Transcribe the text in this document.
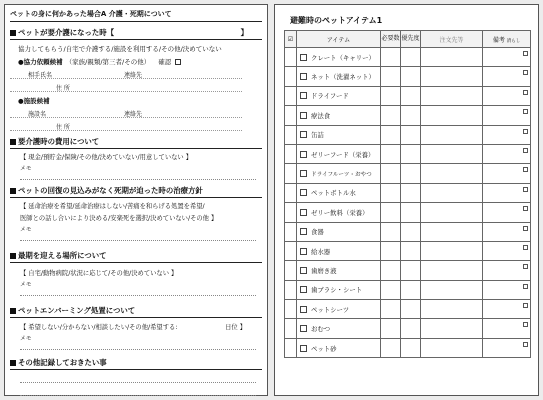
ペットの身に何かあった場合A 介護・死期について
ペットが要介護になった時【	】
協力してもらう/自宅で介護する/施設を利用する/その他/決めていない
●協力依頼候補 （家族/親類/第三者/その他） 確認
相手氏名	連絡先
住 所
●施設候補
施設名	連絡先
住 所
要介護時の費用について
【 現金/預貯金/保険/その他/決めていない/用意していない 】
メモ
ペットの回復の見込みがなく死期が迫った時の治療方針
【 延命治療を希望/延命治療はしない/苦痛を和らげる処置を希望/
医師との話し合いにより決める/安楽死を選択/決めていない/その他 】
メモ
最期を迎える場所について
【 自宅/動物病院/状況に応じて/その他/決めていない 】
メモ
ペットエンバーミング処置について
【 希望しない/分からない/相談したい/その他/希望する:	日位 】
メモ
その他記録しておきたい事
避難時のペットアイテム1
☑	アイテム	必要数	優先度	注文先等	備考 済らし

	クレート（キャリー）				

	ネット（洗濯ネット）				

	ドライフード				

	療法食				

	缶詰				

	ゼリーフード（栄養）				

	ドライフルーツ・おやつ				

	ペットボトル水				

	ゼリー飲料（栄養）				

	食器				

	給水器				

	歯磨き液				

	歯ブラシ・シート				

	ペットシーツ				

	おむつ				

	ペット砂				
